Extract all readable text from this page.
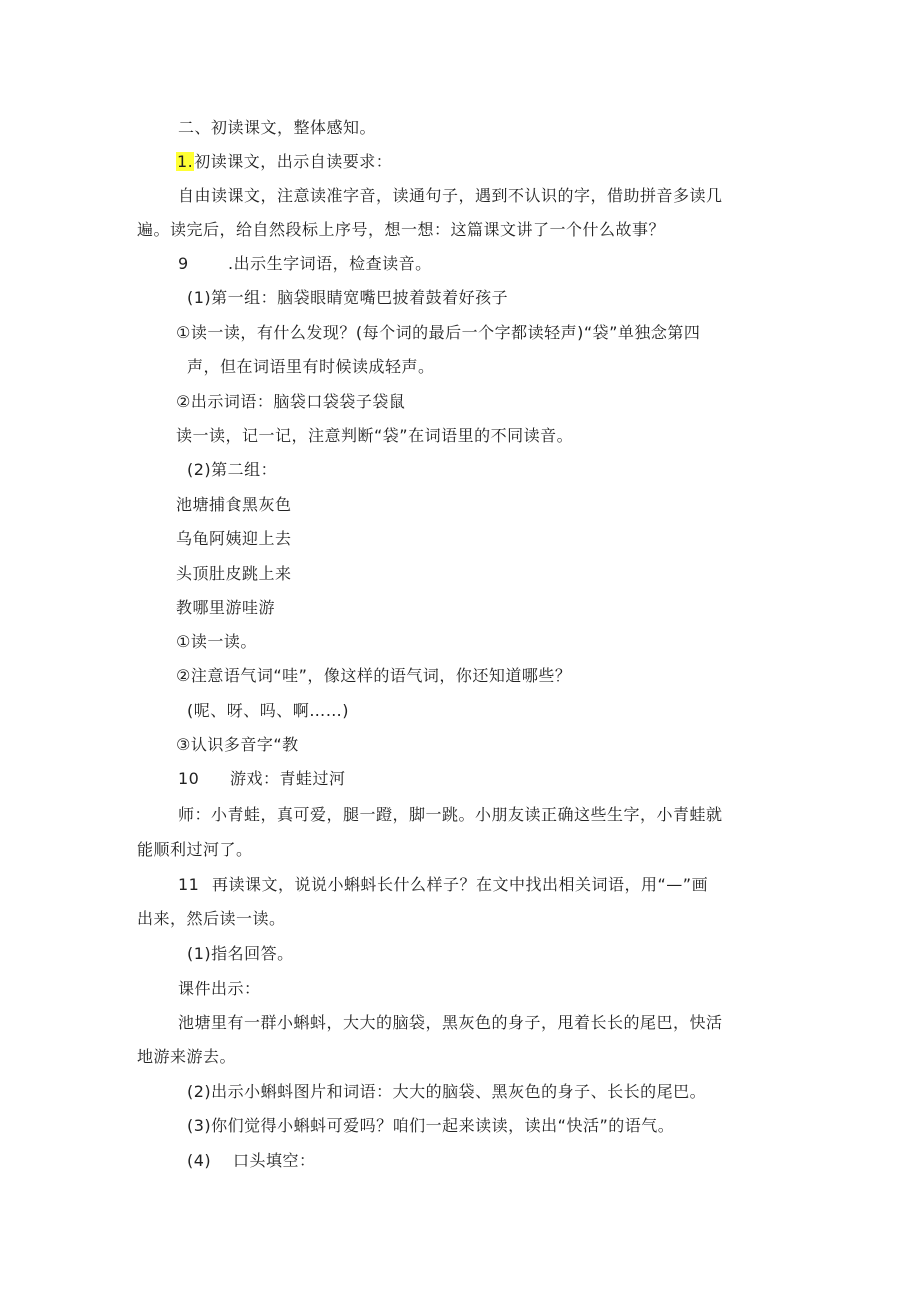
二、初读课文，整体感知。
1.初读课文，出示自读要求：
自由读课文，注意读准字音，读通句子，遇到不认识的字，借助拼音多读几
遍。读完后，给自然段标上序号，想一想：这篇课文讲了一个什么故事？
9 .出示生字词语，检查读音。
(1)第一组：脑袋眼睛宽嘴巴披着鼓着好孩子
①读一读，有什么发现？(每个词的最后一个字都读轻声)“袋”单独念第四
声，但在词语里有时候读成轻声。
②出示词语：脑袋口袋袋子袋鼠
读一读，记一记，注意判断“袋”在词语里的不同读音。
(2)第二组：
池塘捕食黑灰色
乌龟阿姨迎上去
头顶肚皮跳上来
教哪里游哇游
①读一读。
②注意语气词“哇”，像这样的语气词，你还知道哪些？
(呢、呀、吗、啊……)
③认识多音字“教
10 游戏：青蛙过河
师：小青蛙，真可爱，腿一蹬，脚一跳。小朋友读正确这些生字，小青蛙就
能顺利过河了。
11 再读课文，说说小蝌蚪长什么样子？在文中找出相关词语，用“—”画
出来，然后读一读。
(1)指名回答。
课件出示：
池塘里有一群小蝌蚪，大大的脑袋，黑灰色的身子，甩着长长的尾巴，快活
地游来游去。
(2)出示小蝌蚪图片和词语：大大的脑袋、黑灰色的身子、长长的尾巴。
(3)你们觉得小蝌蚪可爱吗？咱们一起来读读，读出“快活”的语气。
(4) 口头填空：
